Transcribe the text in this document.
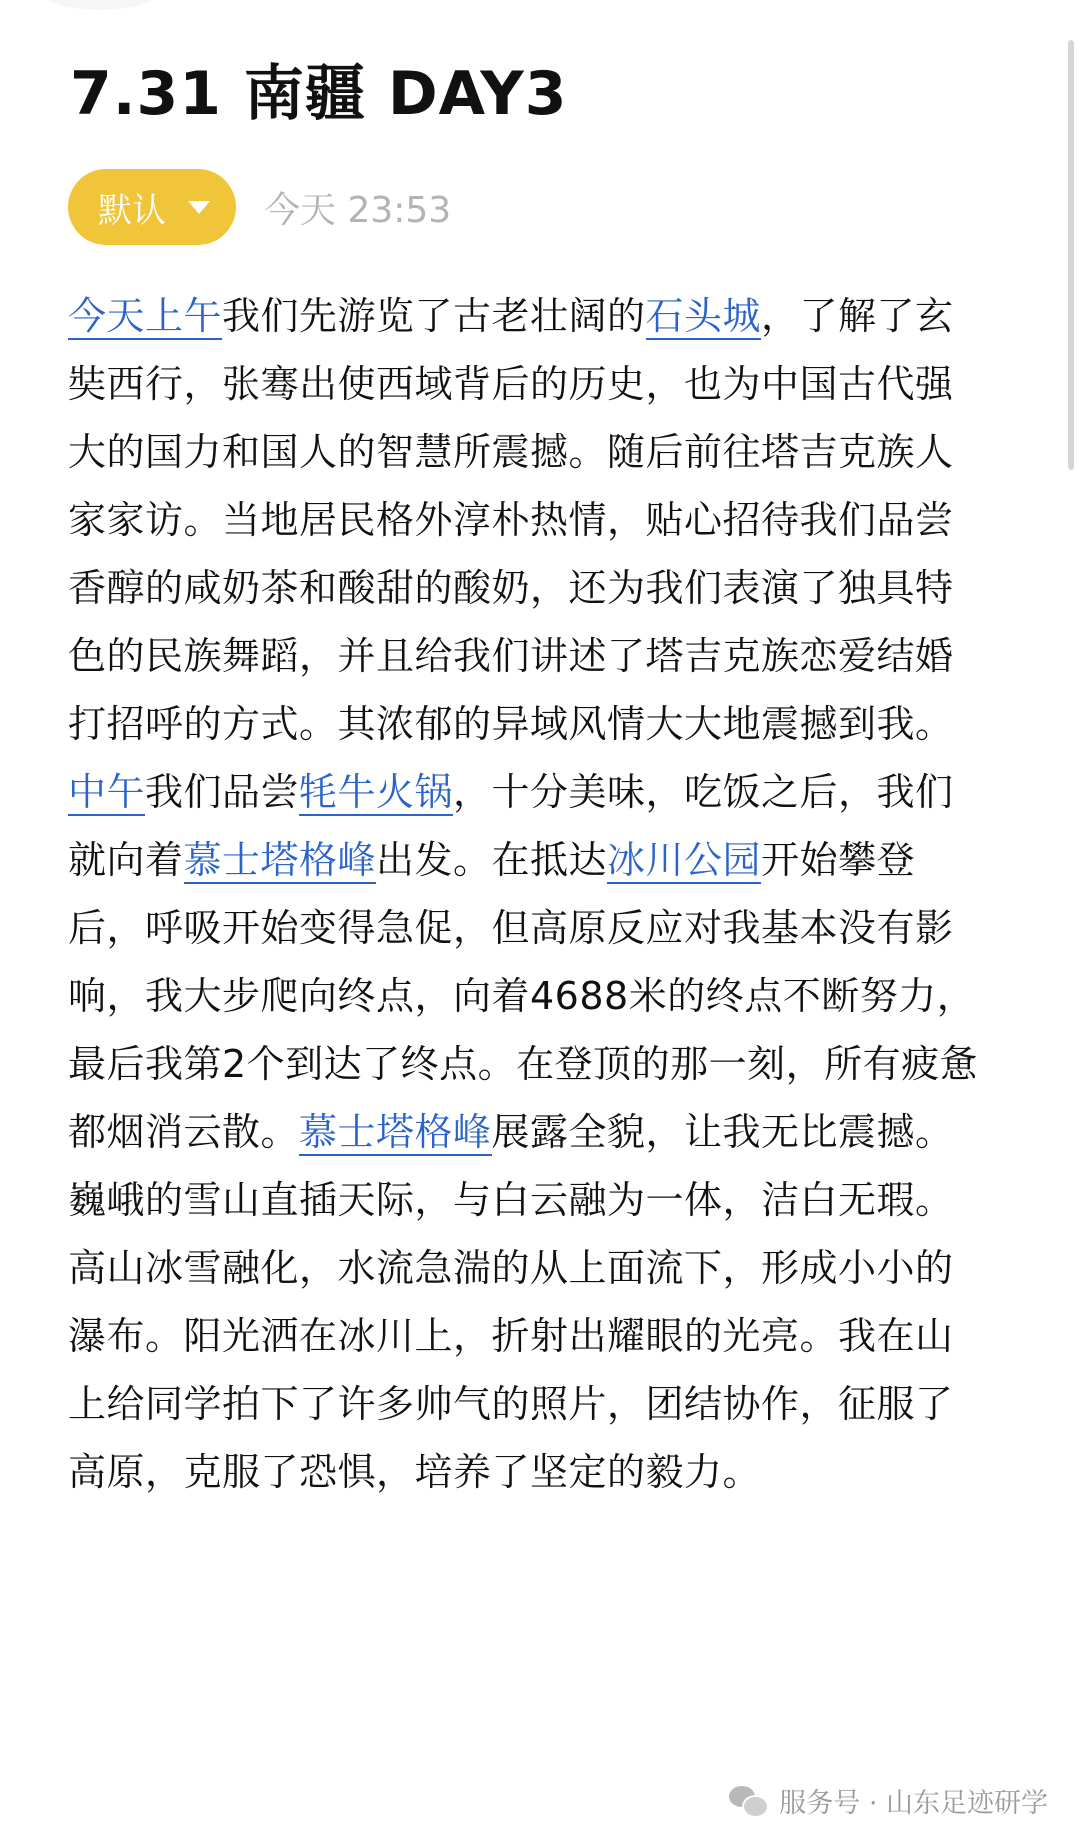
7.31 南疆 DAY3
默认	今天 23:53

今天上午我们先游览了古老壮阔的石头城，了解了玄奘西行，张骞出使西域背后的历史，也为中国古代强大的国力和国人的智慧所震撼。随后前往塔吉克族人家家访。当地居民格外淳朴热情，贴心招待我们品尝香醇的咸奶茶和酸甜的酸奶，还为我们表演了独具特色的民族舞蹈，并且给我们讲述了塔吉克族恋爱结婚打招呼的方式。其浓郁的异域风情大大地震撼到我。

中午我们品尝牦牛火锅，十分美味，吃饭之后，我们就向着慕士塔格峰出发。在抵达冰川公园开始攀登后，呼吸开始变得急促，但高原反应对我基本没有影响，我大步爬向终点，向着4688米的终点不断努力，最后我第2个到达了终点。在登顶的那一刻，所有疲惫都烟消云散。慕士塔格峰展露全貌，让我无比震撼。巍峨的雪山直插天际，与白云融为一体，洁白无瑕。高山冰雪融化，水流急湍的从上面流下，形成小小的瀑布。阳光洒在冰川上，折射出耀眼的光亮。我在山上给同学拍下了许多帅气的照片，团结协作，征服了高原，克服了恐惧，培养了坚定的毅力。

服务号 · 山东足迹研学
